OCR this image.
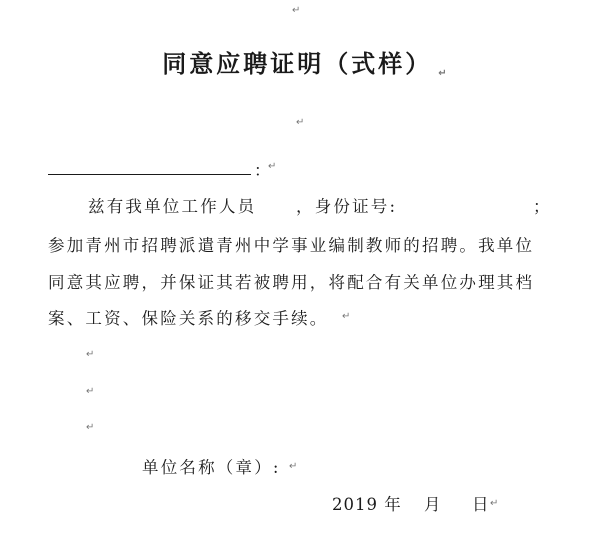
↵
同意应聘证明（式样） ↵
↵
：
↵
兹有我单位工作人员 ，身份证号:	；
参加青州市招聘派遣青州中学事业编制教师的招聘。我单位
同意其应聘，并保证其若被聘用，将配合有关单位办理其档
案、工资、保险关系的移交手续。 ↵
↵
↵
↵
单位名称（章）: ↵
2019 年 月 日 ↵
